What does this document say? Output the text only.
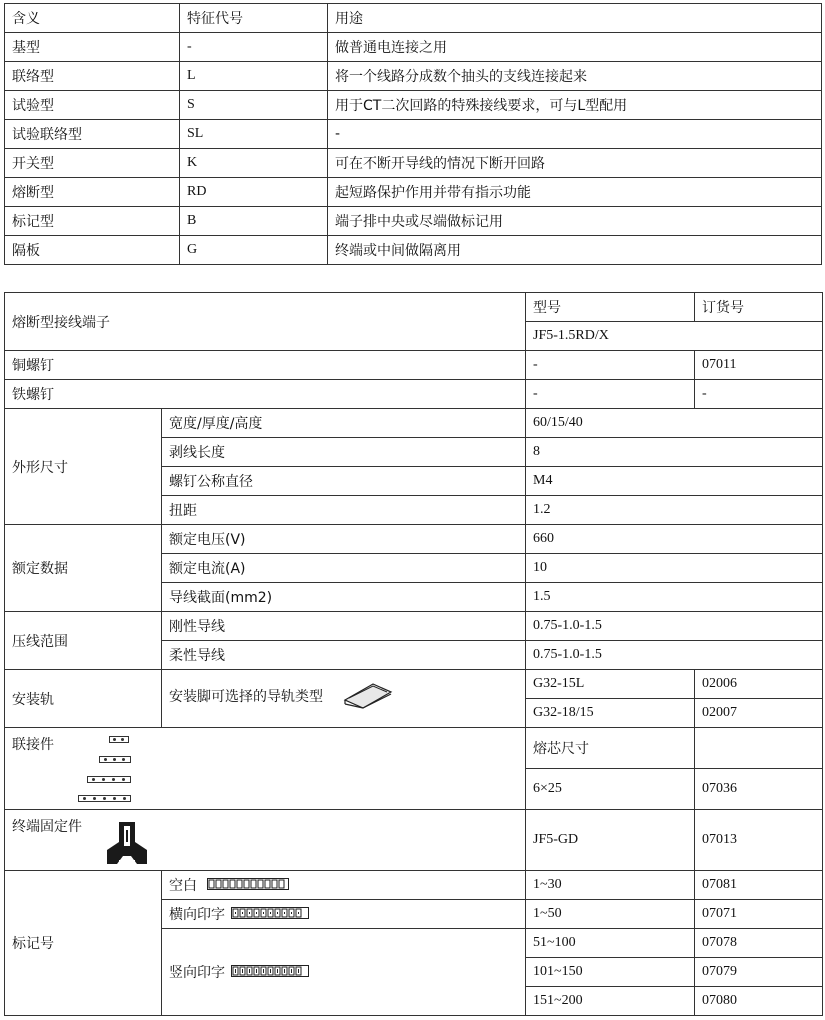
含义	特征代号	用途
基型	-	做普通电连接之用
联络型	L	将一个线路分成数个抽头的支线连接起来
试验型	S	用于CT二次回路的特殊接线要求，可与L型配用
试验联络型	SL	-
开关型	K	可在不断开导线的情况下断开回路
熔断型	RD	起短路保护作用并带有指示功能
标记型	B	端子排中央或尽端做标记用
隔板	G	终端或中间做隔离用
熔断型接线端子		型号	订货号
		JF5-1.5RD/X	
铜螺钉		-	07011
铁螺钉		-	-
外形尺寸	宽度/厚度/高度	60/15/40	
	剥线长度	8	
	螺钉公称直径	M4	
	扭距	1.2	
额定数据	额定电压(V)	660	
	额定电流(A)	10	
	导线截面(mm2)	1.5	
压线范围	刚性导线	0.75-1.0-1.5	
	柔性导线	0.75-1.0-1.5	
安装轨	安装脚可选择的导轨类型	G32-15L	02006
		G32-18/15	02007
联接件		熔芯尺寸	
		6×25	07036
终端固定件		JF5-GD	07013
标记号	空白	1~30	07081
	横向印字	1~50	07071
	竖向印字	51~100	07078
		101~150	07079
		151~200	07080
